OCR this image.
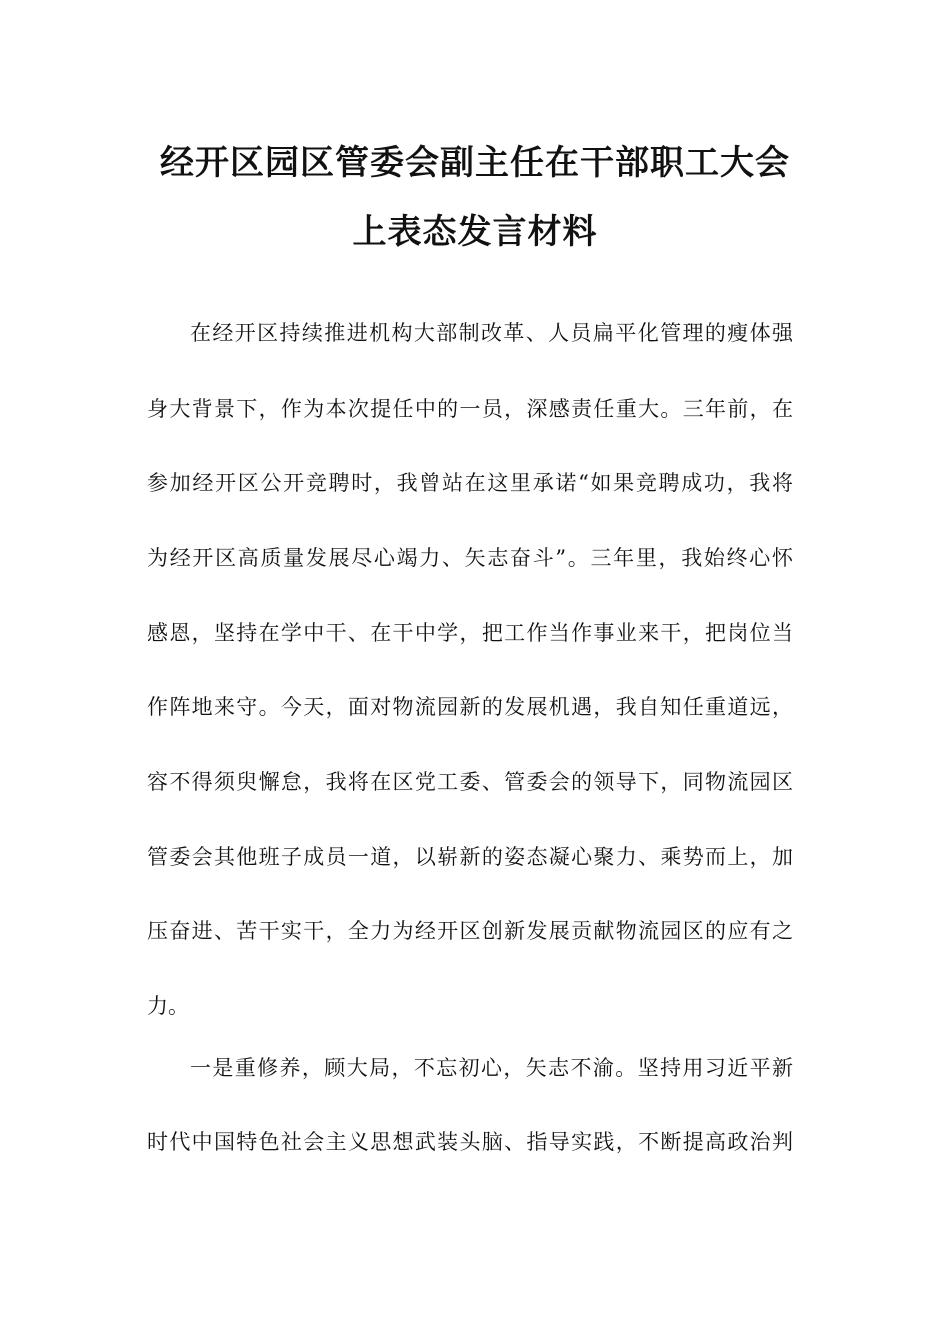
经开区园区管委会副主任在干部职工大会
上表态发言材料

在经开区持续推进机构大部制改革、人员扁平化管理的瘦体强

身大背景下，作为本次提任中的一员，深感责任重大。三年前，在

参加经开区公开竞聘时，我曾站在这里承诺“如果竞聘成功，我将

为经开区高质量发展尽心竭力、矢志奋斗”。三年里，我始终心怀

感恩，坚持在学中干、在干中学，把工作当作事业来干，把岗位当

作阵地来守。今天，面对物流园新的发展机遇，我自知任重道远，

容不得须臾懈怠，我将在区党工委、管委会的领导下，同物流园区

管委会其他班子成员一道，以崭新的姿态凝心聚力、乘势而上，加

压奋进、苦干实干，全力为经开区创新发展贡献物流园区的应有之

力。

一是重修养，顾大局，不忘初心，矢志不渝。坚持用习近平新

时代中国特色社会主义思想武装头脑、指导实践，不断提高政治判
